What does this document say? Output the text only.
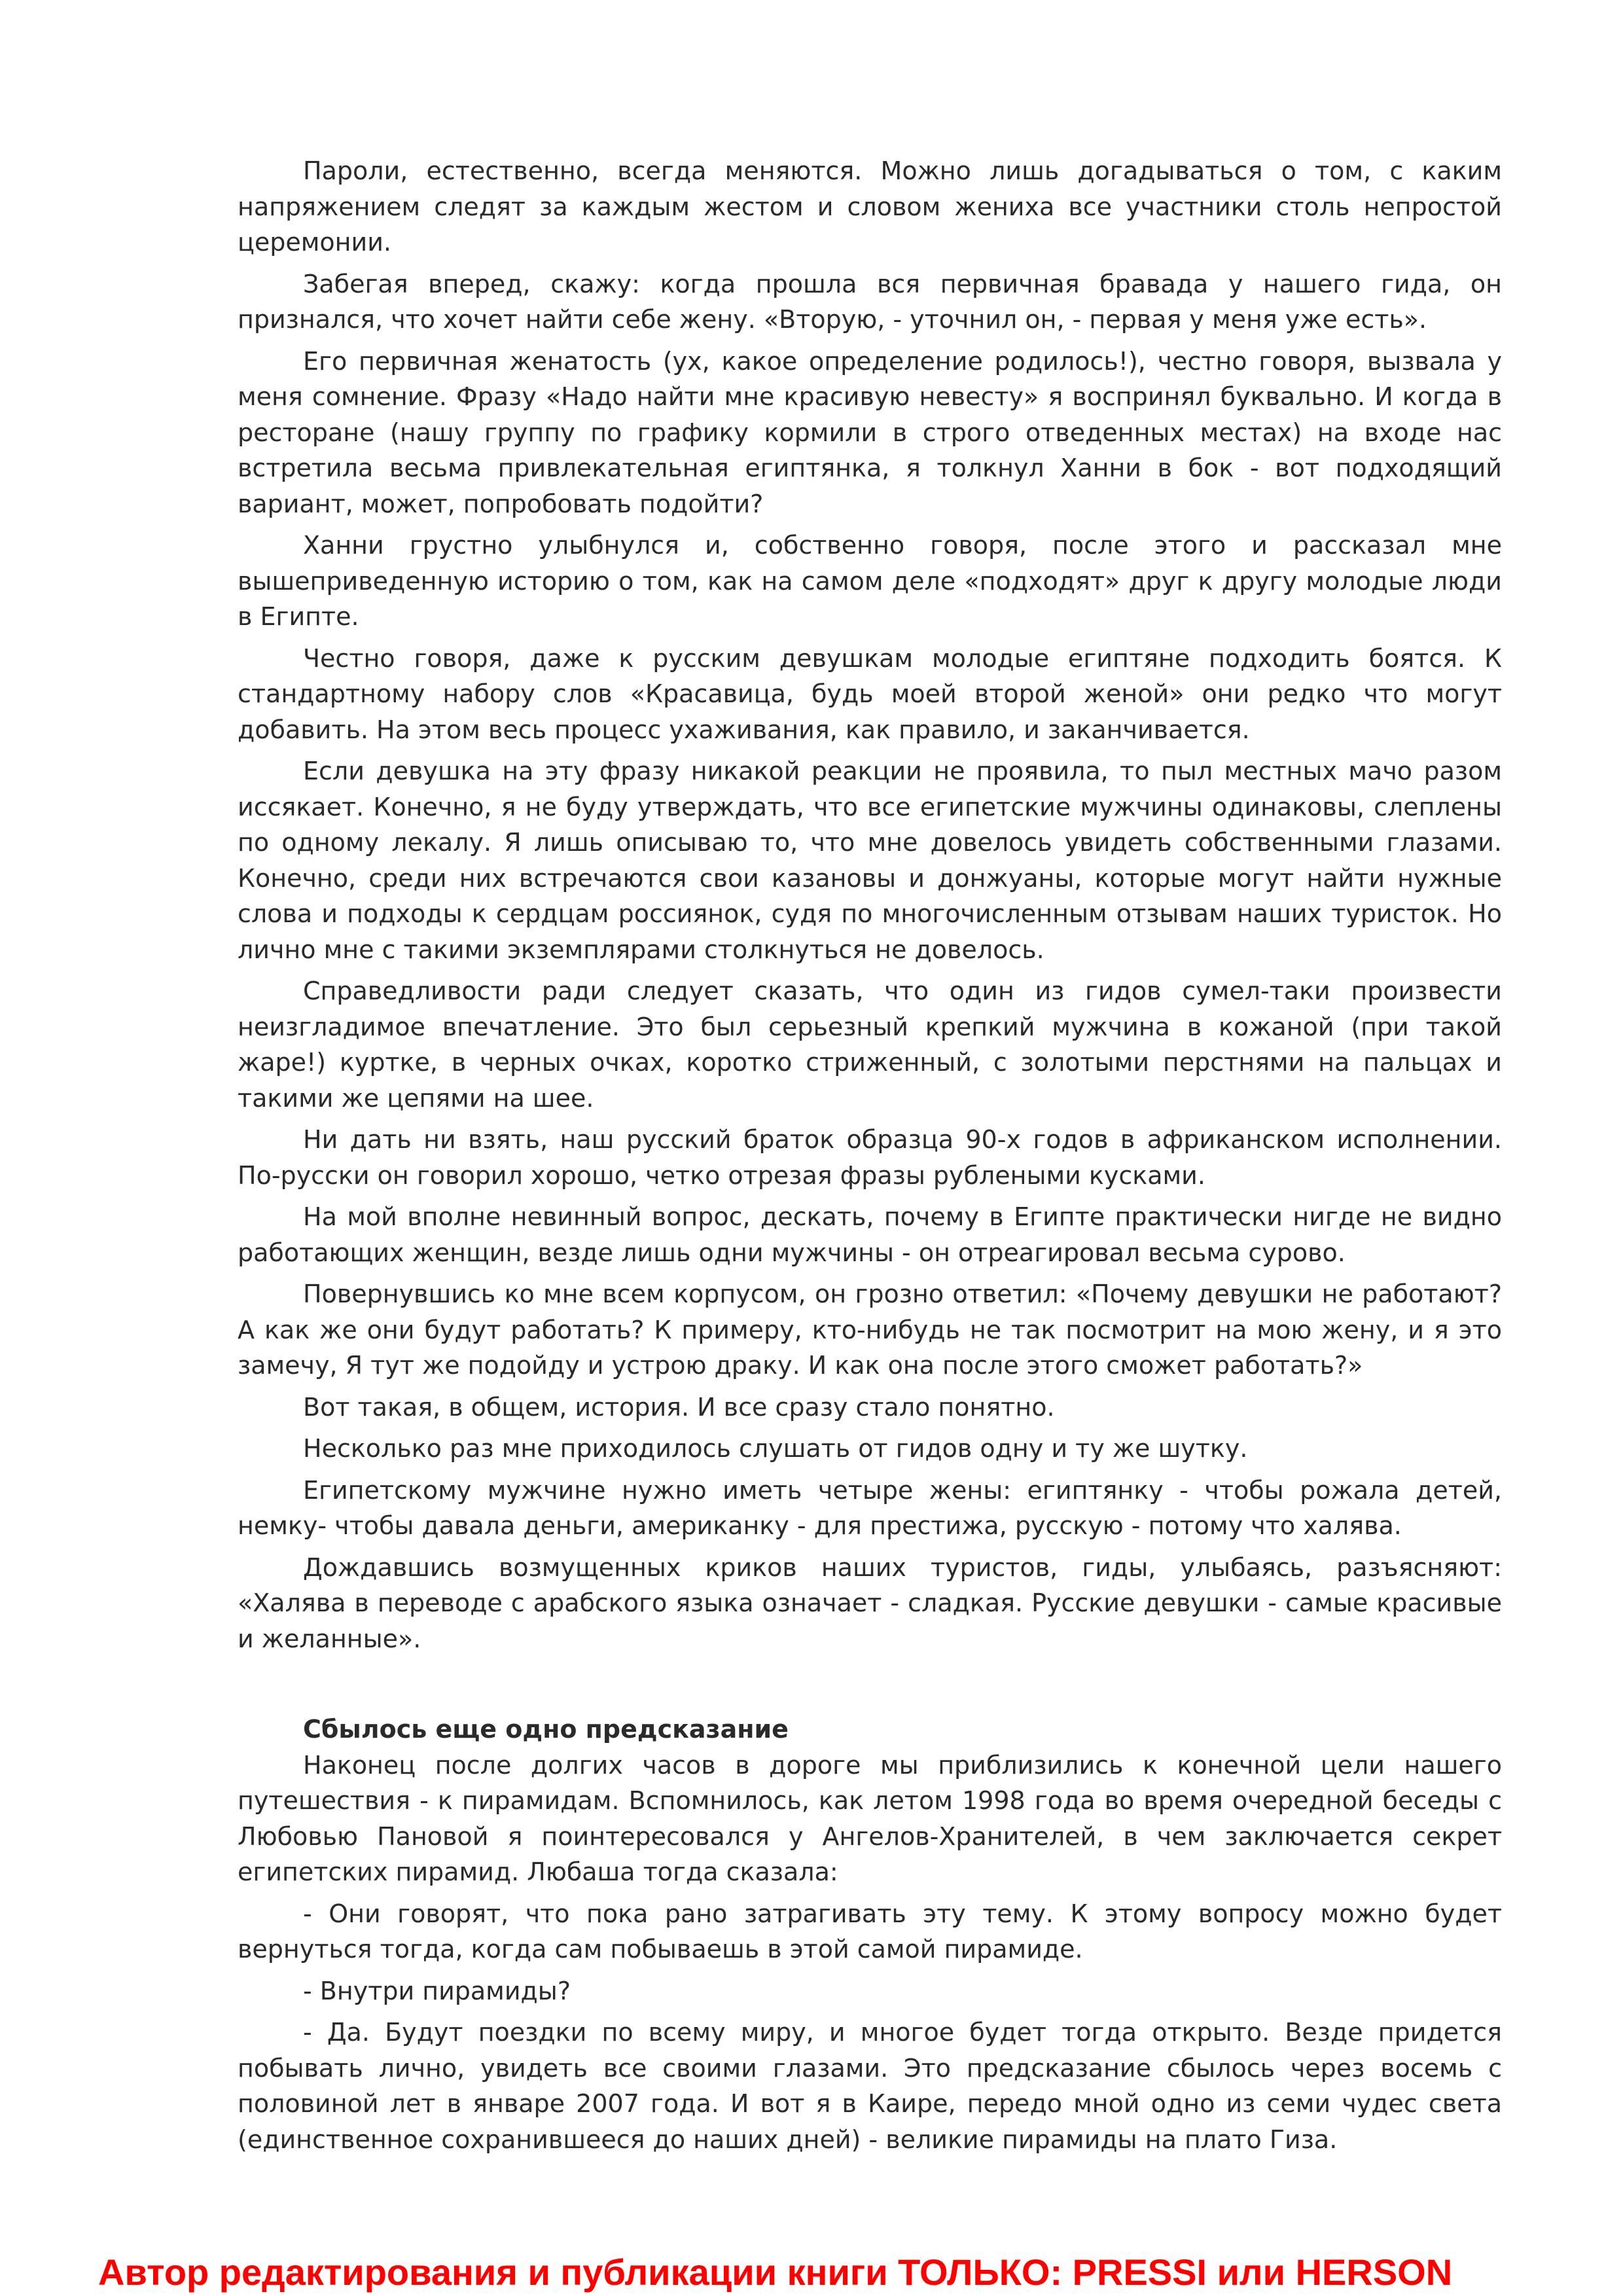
Пароли, естественно, всегда меняются. Можно лишь догадываться о том, с каким напряжением следят за каждым жестом и словом жениха все участники столь непростой церемонии.

Забегая вперед, скажу: когда прошла вся первичная бравада у нашего гида, он признался, что хочет найти себе жену. «Вторую, - уточнил он, - первая у меня уже есть».

Его первичная женатость (ух, какое определение родилось!), честно говоря, вызвала у меня сомнение. Фразу «Надо найти мне красивую невесту» я воспринял буквально. И когда в ресторане (нашу группу по графику кормили в строго отведенных местах) на входе нас встретила весьма привлекательная египтянка, я толкнул Ханни в бок - вот подходящий вариант, может, попробовать подойти?

Ханни грустно улыбнулся и, собственно говоря, после этого и рассказал мне вышеприведенную историю о том, как на самом деле «подходят» друг к другу молодые люди в Египте.

Честно говоря, даже к русским девушкам молодые египтяне подходить боятся. К стандартному набору слов «Красавица, будь моей второй женой» они редко что могут добавить. На этом весь процесс ухаживания, как правило, и заканчивается.

Если девушка на эту фразу никакой реакции не проявила, то пыл местных мачо разом иссякает. Конечно, я не буду утверждать, что все египетские мужчины одинаковы, слеплены по одному лекалу. Я лишь описываю то, что мне довелось увидеть собственными глазами. Конечно, среди них встречаются свои казановы и донжуаны, которые могут найти нужные слова и подходы к сердцам россиянок, судя по многочисленным отзывам наших туристок. Но лично мне с такими экземплярами столкнуться не довелось.

Справедливости ради следует сказать, что один из гидов сумел-таки произвести неизгладимое впечатление. Это был серьезный крепкий мужчина в кожаной (при такой жаре!) куртке, в черных очках, коротко стриженный, с золотыми перстнями на пальцах и такими же цепями на шее.

Ни дать ни взять, наш русский браток образца 90-х годов в африканском исполнении. По-русски он говорил хорошо, четко отрезая фразы рублеными кусками.

На мой вполне невинный вопрос, дескать, почему в Египте практически нигде не видно работающих женщин, везде лишь одни мужчины - он отреагировал весьма сурово.

Повернувшись ко мне всем корпусом, он грозно ответил: «Почему девушки не работают? А как же они будут работать? К примеру, кто-нибудь не так посмотрит на мою жену, и я это замечу, Я тут же подойду и устрою драку. И как она после этого сможет работать?»

Вот такая, в общем, история. И все сразу стало понятно.

Несколько раз мне приходилось слушать от гидов одну и ту же шутку.

Египетскому мужчине нужно иметь четыре жены: египтянку - чтобы рожала детей, немку- чтобы давала деньги, американку - для престижа, русскую - потому что халява.

Дождавшись возмущенных криков наших туристов, гиды, улыбаясь, разъясняют: «Халява в переводе с арабского языка означает - сладкая. Русские девушки - самые красивые и желанные».

Сбылось еще одно предсказание

Наконец после долгих часов в дороге мы приблизились к конечной цели нашего путешествия - к пирамидам. Вспомнилось, как летом 1998 года во время очередной беседы с Любовью Пановой я поинтересовался у Ангелов-Хранителей, в чем заключается секрет египетских пирамид. Любаша тогда сказала:

- Они говорят, что пока рано затрагивать эту тему. К этому вопросу можно будет вернуться тогда, когда сам побываешь в этой самой пирамиде.

- Внутри пирамиды?

- Да. Будут поездки по всему миру, и многое будет тогда открыто. Везде придется побывать лично, увидеть все своими глазами. Это предсказание сбылось через восемь с половиной лет в январе 2007 года. И вот я в Каире, передо мной одно из семи чудес света (единственное сохранившееся до наших дней) - великие пирамиды на плато Гиза.

Автор редактирования и публикации книги ТОЛЬКО: PRESSI или HERSON
